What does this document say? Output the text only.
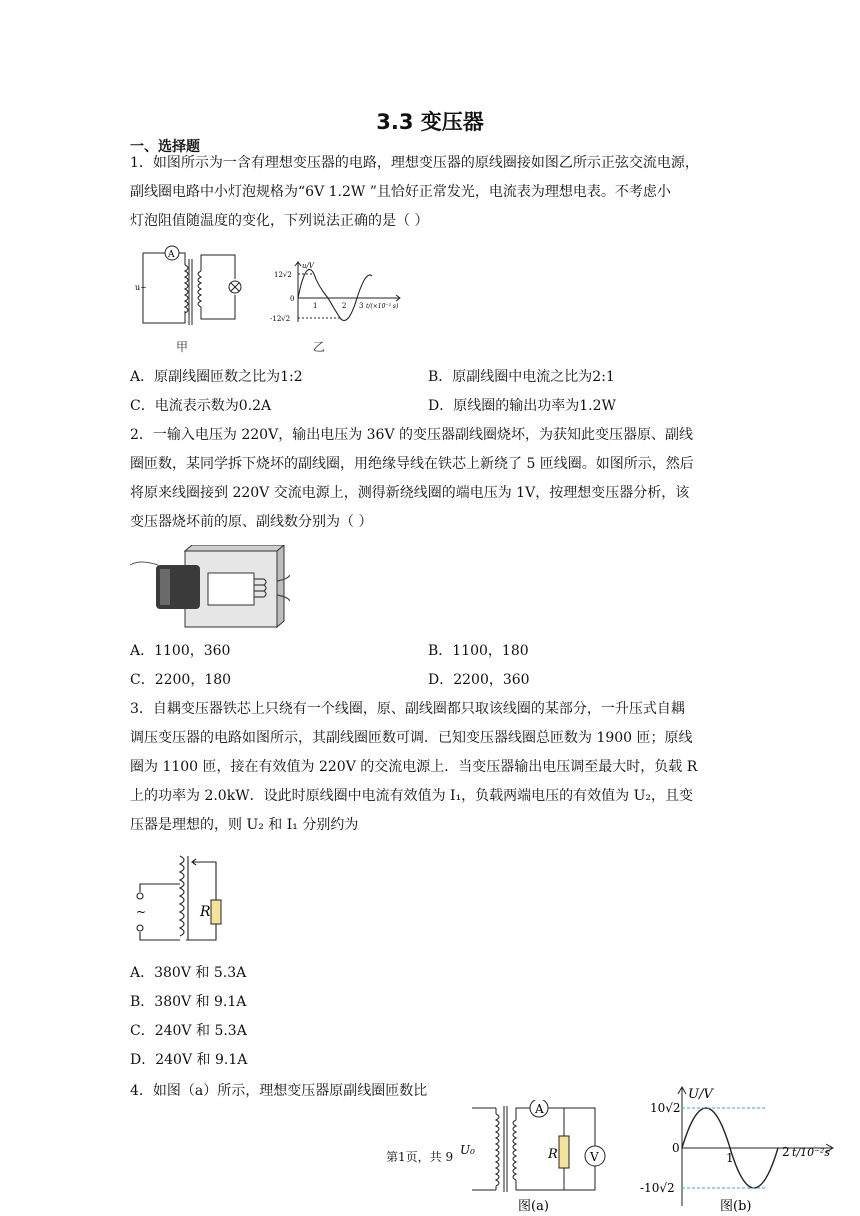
3.3 变压器
一、选择题
1．如图所示为一含有理想变压器的电路，理想变压器的原线圈接如图乙所示正弦交流电源，
副线圈电路中小灯泡规格为“6V 1.2W ”且恰好正常发光，电流表为理想电表。不考虑小
灯泡阻值随温度的变化，下列说法正确的是（ ）
A
u~
甲
u/V
12√2
-12√2
0
1	2 3 t/(×10⁻² s)
乙
A．原副线圈匝数之比为1:2	B．原副线圈中电流之比为2:1
C．电流表示数为0.2A	D．原线圈的输出功率为1.2W
2．一输入电压为 220V，输出电压为 36V 的变压器副线圈烧坏，为获知此变压器原、副线
圈匝数，某同学拆下烧坏的副线圈，用绝缘导线在铁芯上新绕了 5 匝线圈。如图所示，然后
将原来线圈接到 220V 交流电源上，测得新绕线圈的端电压为 1V，按理想变压器分析，该
变压器烧坏前的原、副线数分别为（ ）
A．1100，360	B．1100，180
C．2200，180	D．2200，360
3．自耦变压器铁芯上只绕有一个线圈，原、副线圈都只取该线圈的某部分，一升压式自耦
调压变压器的电路如图所示，其副线圈匝数可调．已知变压器线圈总匝数为 1900 匝；原线
圈为 1100 匝，接在有效值为 220V 的交流电源上．当变压器输出电压调至最大时，负载 R
上的功率为 2.0kW．设此时原线圈中电流有效值为 I₁，负载两端电压的有效值为 U₂，且变
压器是理想的，则 U₂ 和 I₁ 分别约为
R
~
A．380V 和 5.3A
B．380V 和 9.1A
C．240V 和 5.3A
D．240V 和 9.1A
4．如图（a）所示，理想变压器原副线圈匝数比
A
V
R
U₀
图(a)
U/V
10√2
-10√2
0
1	2 t/10⁻²s
图(b)
第1页，共 9
